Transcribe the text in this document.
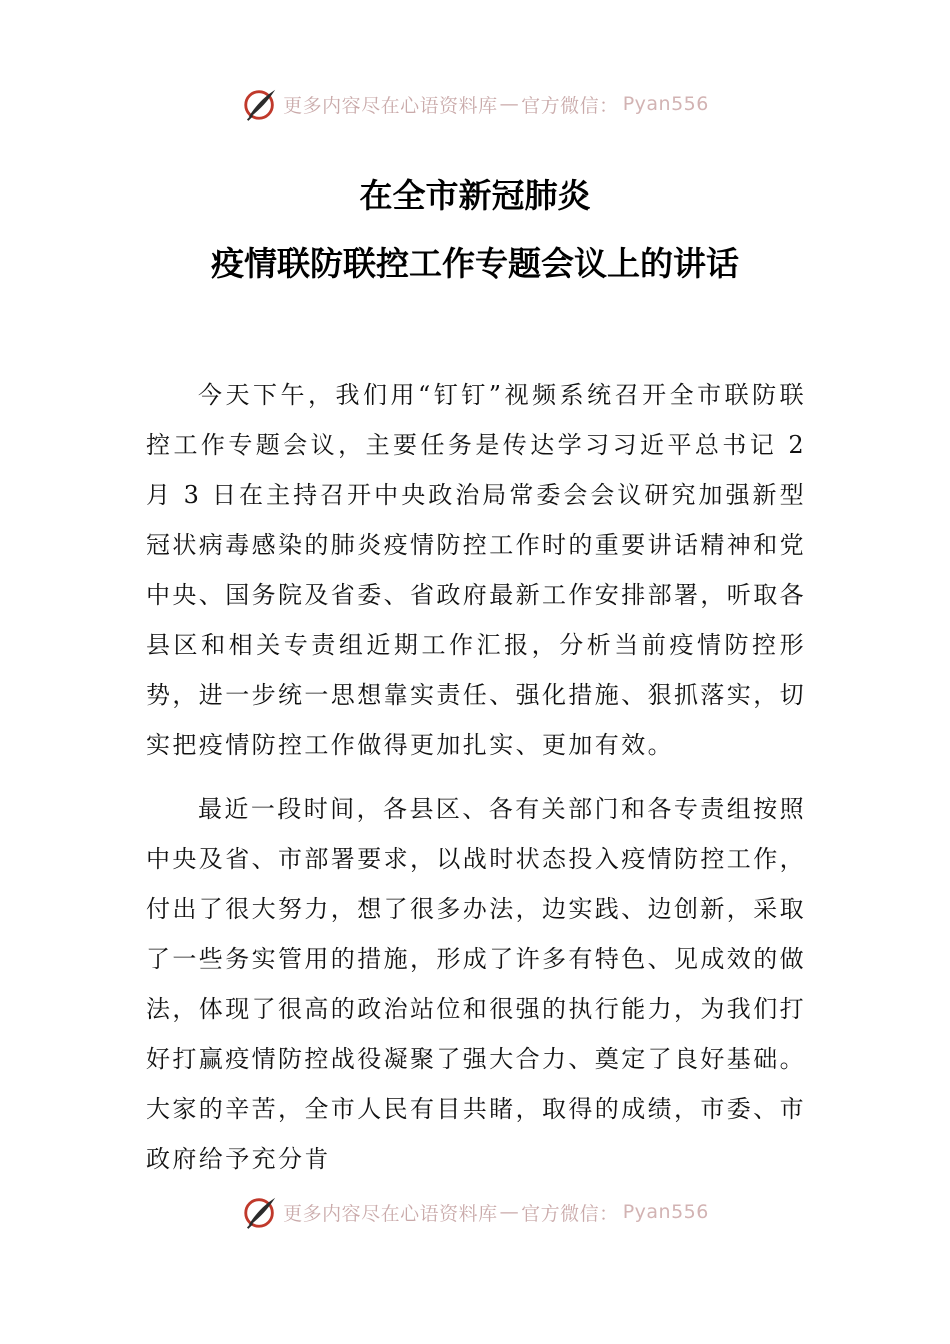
更多内容尽在心语资料库 — 官方微信： Pyan556
在全市新冠肺炎
疫情联防联控工作专题会议上的讲话

今天下午，我们用“钉钉”视频系统召开全市联防联控工作专题会议，主要任务是传达学习习近平总书记 2 月 3 日在主持召开中央政治局常委会会议研究加强新型冠状病毒感染的肺炎疫情防控工作时的重要讲话精神和党中央、国务院及省委、省政府最新工作安排部署，听取各县区和相关专责组近期工作汇报，分析当前疫情防控形势，进一步统一思想靠实责任、强化措施、狠抓落实，切实把疫情防控工作做得更加扎实、更加有效。

最近一段时间，各县区、各有关部门和各专责组按照中央及省、市部署要求，以战时状态投入疫情防控工作，付出了很大努力，想了很多办法，边实践、边创新，采取了一些务实管用的措施，形成了许多有特色、见成效的做法，体现了很高的政治站位和很强的执行能力，为我们打好打赢疫情防控战役凝聚了强大合力、奠定了良好基础。大家的辛苦，全市人民有目共睹，取得的成绩，市委、市政府给予充分肯

更多内容尽在心语资料库 — 官方微信： Pyan556
